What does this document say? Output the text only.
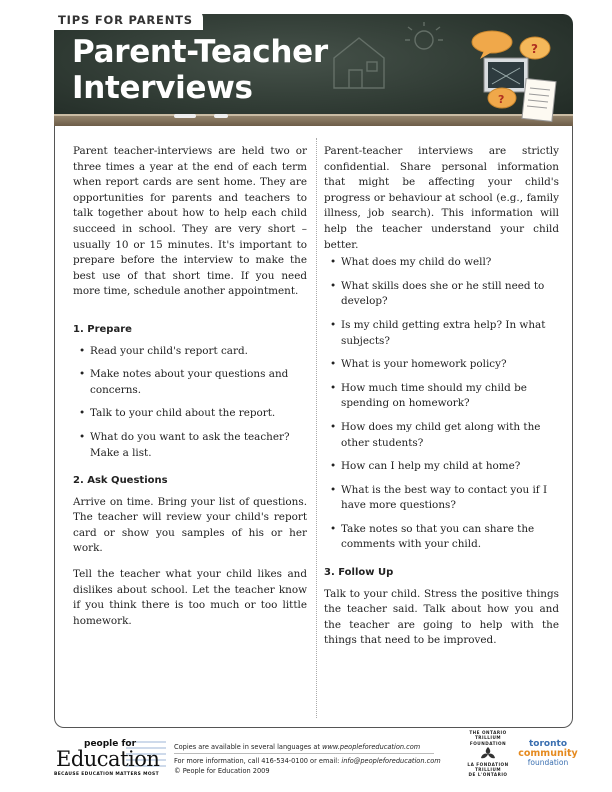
TIPS FOR PARENTS
Parent-Teacher
Interviews
?
?

Parent teacher-interviews are held two or three times a year at the end of each term when report cards are sent home. They are opportunities for parents and teachers to talk together about how to help each child succeed in school. They are very short – usually 10 or 15 minutes. It's important to prepare before the interview to make the best use of that short time. If you need more time, schedule another appointment.

1. Prepare
• Read your child's report card.
• Make notes about your questions and concerns.
• Talk to your child about the report.
• What do you want to ask the teacher? Make a list.
2. Ask Questions

Arrive on time. Bring your list of questions. The teacher will review your child's report card or show you samples of his or her work.

Tell the teacher what your child likes and dislikes about school. Let the teacher know if you think there is too much or too little homework.

Parent-teacher interviews are strictly confidential. Share personal information that might be affecting your child's progress or behaviour at school (e.g., family illness, job search). This information will help the teacher understand your child better.

• What does my child do well?
• What skills does she or he still need to develop?
• Is my child getting extra help? In what subjects?
• What is your homework policy?
• How much time should my child be spending on homework?
• How does my child get along with the other students?
• How can I help my child at home?
• What is the best way to contact you if I have more questions?
• Take notes so that you can share the comments with your child.
3. Follow Up

Talk to your child. Stress the positive things the teacher said. Talk about how you and the teacher are going to help with the things that need to be improved.

people for
Education
BECAUSE EDUCATION MATTERS MOST
Copies are available in several languages at www.peopleforeducation.com
For more information, call 416-534-0100 or email: info@peopleforeducation.com
© People for Education 2009
THE ONTARIO
TRILLIUM
FOUNDATION
LA FONDATION
TRILLIUM
DE L'ONTARIO
toronto
community
foundation
